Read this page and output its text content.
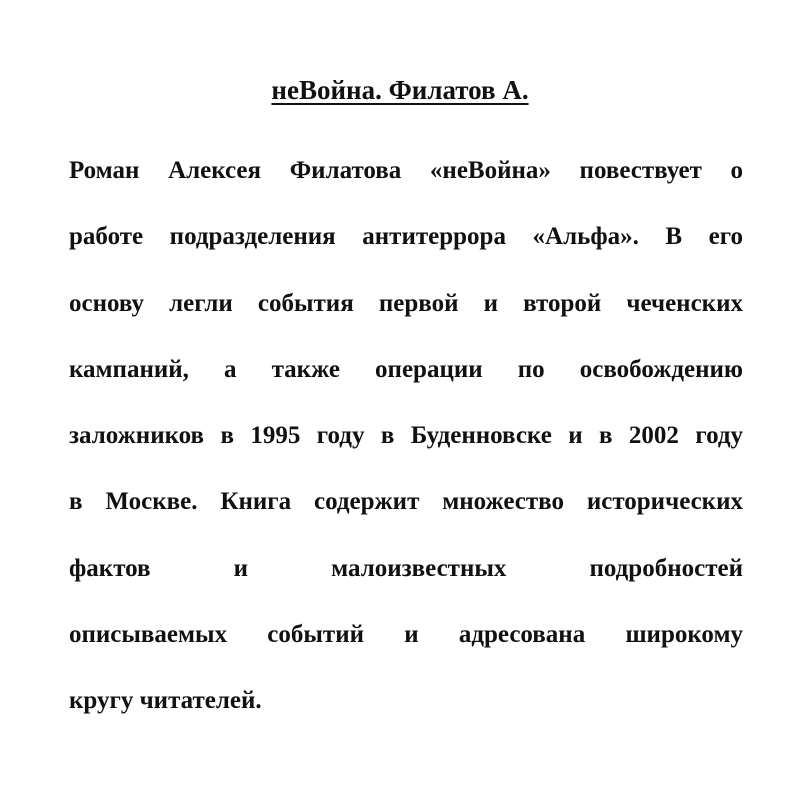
неВойна. Филатов А.
Роман Алексея Филатова «неВойна» повествует о
работе подразделения антитеррора «Альфа». В его
основу легли события первой и второй чеченских
кампаний, а также операции по освобождению
заложников в 1995 году в Буденновске и в 2002 году
в Москве. Книга содержит множество исторических
фактов и малоизвестных подробностей
описываемых событий и адресована широкому
кругу читателей.
